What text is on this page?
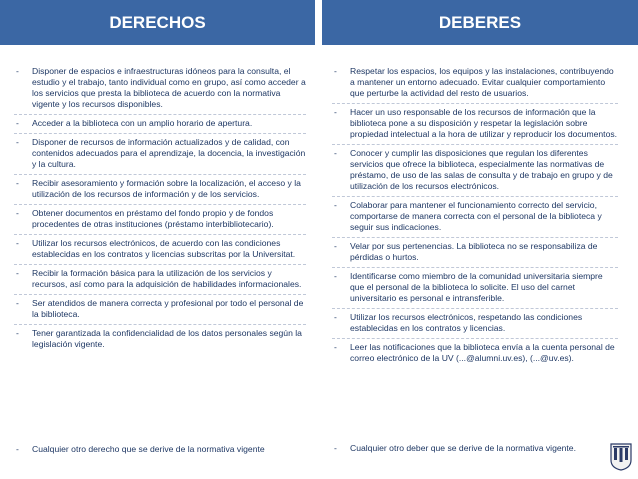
DERECHOS	DEBERES
- Disponer de espacios e infraestructuras idóneos para la consulta, el estudio y el trabajo, tanto individual como en grupo, así como acceder a los servicios que presta la biblioteca de acuerdo con la normativa vigente y los recursos disponibles.
- Acceder a la biblioteca con un amplio horario de apertura.
- Disponer de recursos de información actualizados y de calidad, con contenidos adecuados para el aprendizaje, la docencia, la investigación y la cultura.
- Recibir asesoramiento y formación sobre la localización, el acceso y la utilización de los recursos de información y de los servicios.
- Obtener documentos en préstamo del fondo propio y de fondos procedentes de otras instituciones (préstamo interbibliotecario).
- Utilizar los recursos electrónicos, de acuerdo con las condiciones establecidas en los contratos y licencias subscritas por la Universitat.
- Recibir la formación básica para la utilización de los servicios y recursos, así como para la adquisición de habilidades informacionales.
- Ser atendidos de manera correcta y profesional por todo el personal de la biblioteca.
- Tener garantizada la confidencialidad de los datos personales según la legislación vigente.
- Respetar los espacios, los equipos y las instalaciones, contribuyendo a mantener un entorno adecuado. Evitar cualquier comportamiento que perturbe la actividad del resto de usuarios.
- Hacer un uso responsable de los recursos de información que la biblioteca pone a su disposición y respetar la legislación sobre propiedad intelectual a la hora de utilizar y reproducir los documentos.
- Conocer y cumplir las disposiciones que regulan los diferentes servicios que ofrece la biblioteca, especialmente las normativas de préstamo, de uso de las salas de consulta y de trabajo en grupo y de utilización de los recursos electrónicos.
- Colaborar para mantener el funcionamiento correcto del servicio, comportarse de manera correcta con el personal de la biblioteca y seguir sus indicaciones.
- Velar por sus pertenencias. La biblioteca no se responsabiliza de pérdidas o hurtos.
- Identificarse como miembro de la comunidad universitaria siempre que el personal de la biblioteca lo solicite. El uso del carnet universitario es personal e intransferible.
- Utilizar los recursos electrónicos, respetando las condiciones establecidas en los contratos y licencias.
- Leer las notificaciones que la biblioteca envía a la cuenta personal de correo electrónico de la UV (...@alumni.uv.es), (...@uv.es).
- Cualquier otro derecho que se derive de la normativa vigente	- Cualquier otro deber que se derive de la normativa vigente.
